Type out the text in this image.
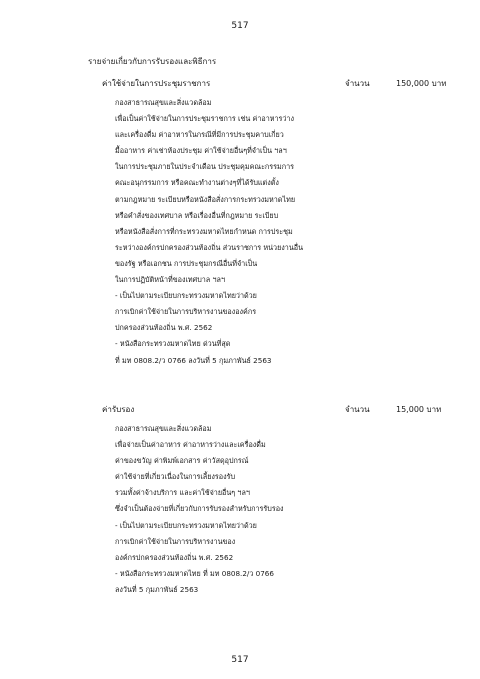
517
รายจ่ายเกี่ยวกับการรับรองและพิธีการ
ค่าใช้จ่ายในการประชุมราชการ	จำนวน	150,000 บาท
กองสาธารณสุขและสิ่งแวดล้อม
เพื่อเป็นค่าใช้จ่ายในการประชุมราชการ เช่น ค่าอาหารว่าง
และเครื่องดื่ม ค่าอาหารในกรณีที่มีการประชุมคาบเกี่ยว
มื้ออาหาร ค่าเช่าห้องประชุม ค่าใช้จ่ายอื่นๆที่จำเป็น ฯลฯ
ในการประชุมภายในประจำเดือน ประชุมคุมคณะกรรมการ
คณะอนุกรรมการ หรือคณะทำงานต่างๆที่ได้รับแต่งตั้ง
ตามกฎหมาย ระเบียบหรือหนังสือสั่งการกระทรวงมหาดไทย
หรือคำสั่งของเทศบาล หรือเรื่องอื่นที่กฎหมาย ระเบียบ
หรือหนังสือสั่งการที่กระทรวงมหาดไทยกำหนด การประชุม
ระหว่างองค์กรปกครองส่วนท้องถิ่น ส่วนราชการ หน่วยงานอื่น
ของรัฐ หรือเอกชน การประชุมกรณีอื่นที่จำเป็น
ในการปฏิบัติหน้าที่ของเทศบาล ฯลฯ
- เป็นไปตามระเบียบกระทรวงมหาดไทยว่าด้วย
การเบิกค่าใช้จ่ายในการบริหารงานขององค์กร
ปกครองส่วนท้องถิ่น พ.ศ. 2562
- หนังสือกระทรวงมหาดไทย ด่วนที่สุด
ที่ มท 0808.2/ว 0766 ลงวันที่ 5 กุมภาพันธ์ 2563
ค่ารับรอง	จำนวน	15,000 บาท
กองสาธารณสุขและสิ่งแวดล้อม
เพื่อจ่ายเป็นค่าอาหาร ค่าอาหารว่างและเครื่องดื่ม
ค่าของขวัญ ค่าพิมพ์เอกสาร ค่าวัสดุอุปกรณ์
ค่าใช้จ่ายที่เกี่ยวเนื่องในการเลี้ยงรองรับ
รวมทั้งค่าจ้างบริการ และค่าใช้จ่ายอื่นๆ ฯลฯ
ซึ่งจำเป็นต้องจ่ายที่เกี่ยวกับการรับรองสำหรับการรับรอง
- เป็นไปตามระเบียบกระทรวงมหาดไทยว่าด้วย
การเบิกค่าใช้จ่ายในการบริหารงานของ
องค์กรปกครองส่วนท้องถิ่น พ.ศ. 2562
- หนังสือกระทรวงมหาดไทย ที่ มท 0808.2/ว 0766
ลงวันที่ 5 กุมภาพันธ์ 2563
517
